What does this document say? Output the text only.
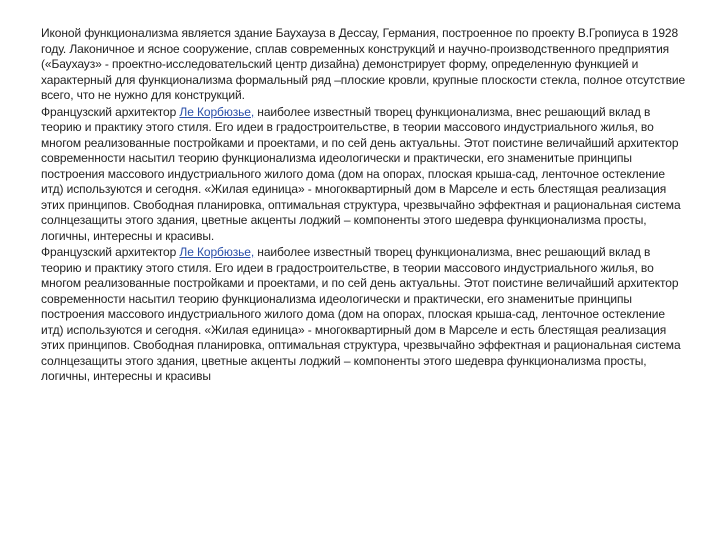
Иконой функционализма является здание Баухауза в Дессау, Германия, построенное по проекту В.Гропиуса в 1928 году. Лаконичное и ясное сооружение, сплав современных конструкций и научно-производственного предприятия («Баухауз» - проектно-исследовательский центр дизайна) демонстрирует форму, определенную функцией и характерный для функционализма формальный ряд –плоские кровли, крупные плоскости стекла, полное отсутствие всего, что не нужно для конструкций.

Французский архитектор Ле Корбюзье, наиболее известный творец функционализма, внес решающий вклад в теорию и практику этого стиля. Его идеи в градостроительстве, в теории массового индустриального жилья, во многом реализованные постройками и проектами, и по сей день актуальны. Этот поистине величайший архитектор современности насытил теорию функционализма идеологически и практически, его знаменитые принципы построения массового индустриального жилого дома (дом на опорах, плоская крыша-сад, ленточное остекление итд) используются и сегодня. «Жилая единица» - многоквартирный дом в Марселе и есть блестящая реализация этих принципов. Свободная планировка, оптимальная структура, чрезвычайно эффектная и рациональная система солнцезащиты этого здания, цветные акценты лоджий – компоненты этого шедевра функционализма просты, логичны, интересны и красивы.

Французский архитектор Ле Корбюзье, наиболее известный творец функционализма, внес решающий вклад в теорию и практику этого стиля. Его идеи в градостроительстве, в теории массового индустриального жилья, во многом реализованные постройками и проектами, и по сей день актуальны. Этот поистине величайший архитектор современности насытил теорию функционализма идеологически и практически, его знаменитые принципы построения массового индустриального жилого дома (дом на опорах, плоская крыша-сад, ленточное остекление итд) используются и сегодня. «Жилая единица» - многоквартирный дом в Марселе и есть блестящая реализация этих принципов. Свободная планировка, оптимальная структура, чрезвычайно эффектная и рациональная система солнцезащиты этого здания, цветные акценты лоджий – компоненты этого шедевра функционализма просты, логичны, интересны и красивы
